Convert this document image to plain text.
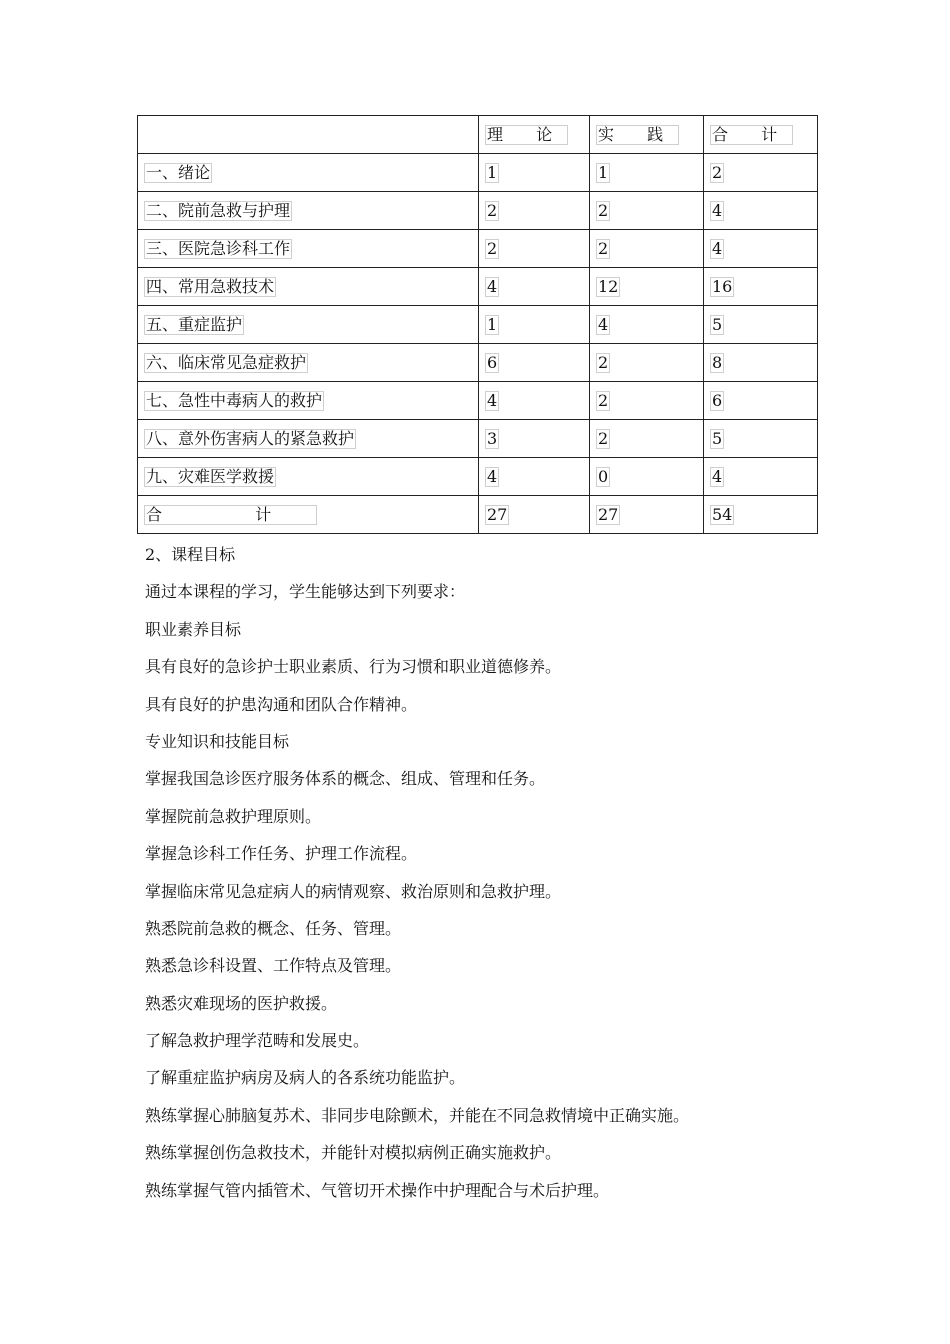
	理 论	实 践	合 计
一、绪论	1	1	2
二、院前急救与护理	2	2	4
三、医院急诊科工作	2	2	4
四、常用急救技术	4	12	16
五、重症监护	1	4	5
六、临床常见急症救护	6	2	8
七、急性中毒病人的救护	4	2	6
八、意外伤害病人的紧急救护	3	2	5
九、灾难医学救援	4	0	4
合 计	27	27	54

2、课程目标

通过本课程的学习，学生能够达到下列要求：

职业素养目标

具有良好的急诊护士职业素质、行为习惯和职业道德修养。

具有良好的护患沟通和团队合作精神。

专业知识和技能目标

掌握我国急诊医疗服务体系的概念、组成、管理和任务。

掌握院前急救护理原则。

掌握急诊科工作任务、护理工作流程。

掌握临床常见急症病人的病情观察、救治原则和急救护理。

熟悉院前急救的概念、任务、管理。

熟悉急诊科设置、工作特点及管理。

熟悉灾难现场的医护救援。

了解急救护理学范畴和发展史。

了解重症监护病房及病人的各系统功能监护。

熟练掌握心肺脑复苏术、非同步电除颤术，并能在不同急救情境中正确实施。

熟练掌握创伤急救技术，并能针对模拟病例正确实施救护。

熟练掌握气管内插管术、气管切开术操作中护理配合与术后护理。
